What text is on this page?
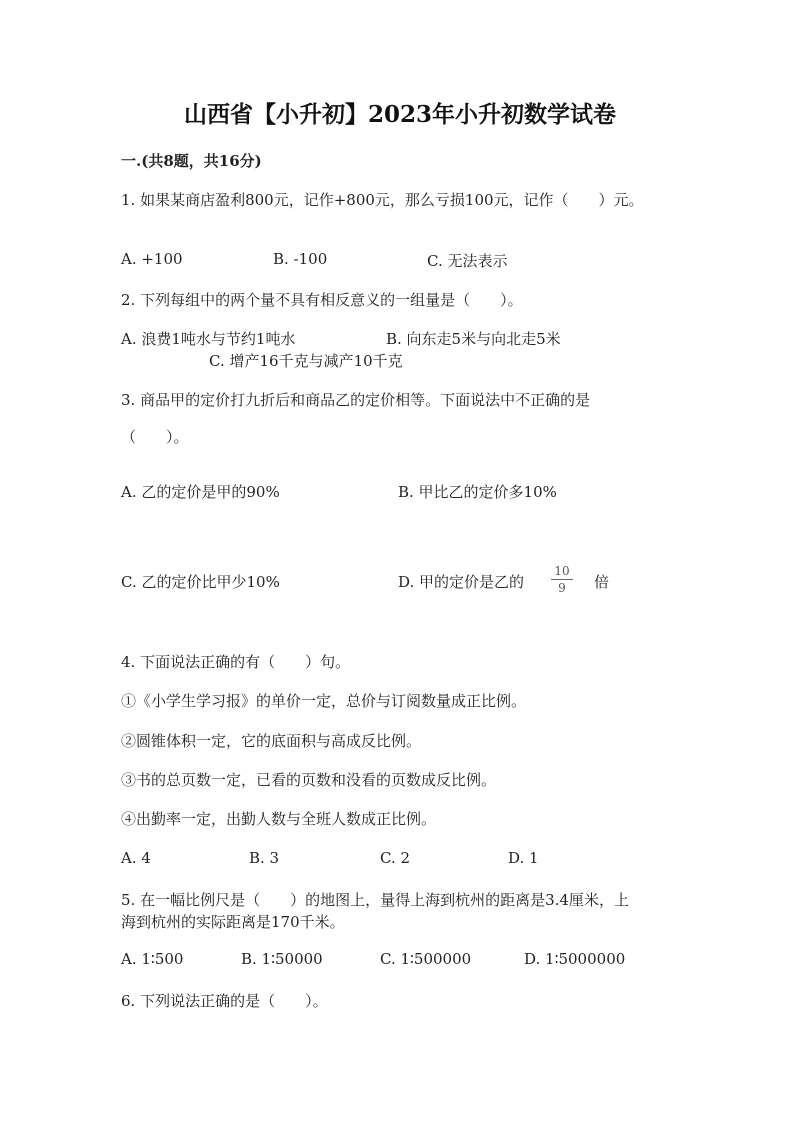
山西省【小升初】2023年小升初数学试卷
一.(共8题，共16分)
1. 如果某商店盈利800元，记作+800元，那么亏损100元，记作（　　）元。
A. +100	B. -100	C. 无法表示
2. 下列每组中的两个量不具有相反意义的一组量是（　　）。
A. 浪费1吨水与节约1吨水	B. 向东走5米与向北走5米
C. 增产16千克与减产10千克
3. 商品甲的定价打九折后和商品乙的定价相等。下面说法中不正确的是
（　　）。
A. 乙的定价是甲的90%	B. 甲比乙的定价多10%
C. 乙的定价比甲少10%	D. 甲的定价是乙的
10
9	倍
4. 下面说法正确的有（　　）句。
①《小学生学习报》的单价一定，总价与订阅数量成正比例。
②圆锥体积一定，它的底面积与高成反比例。
③书的总页数一定，已看的页数和没看的页数成反比例。
④出勤率一定，出勤人数与全班人数成正比例。
A. 4	B. 3	C. 2	D. 1
5. 在一幅比例尺是（　　）的地图上，量得上海到杭州的距离是3.4厘米，上
海到杭州的实际距离是170千米。
A. 1∶500	B. 1∶50000	C. 1∶500000	D. 1∶5000000
6. 下列说法正确的是（　　）。
